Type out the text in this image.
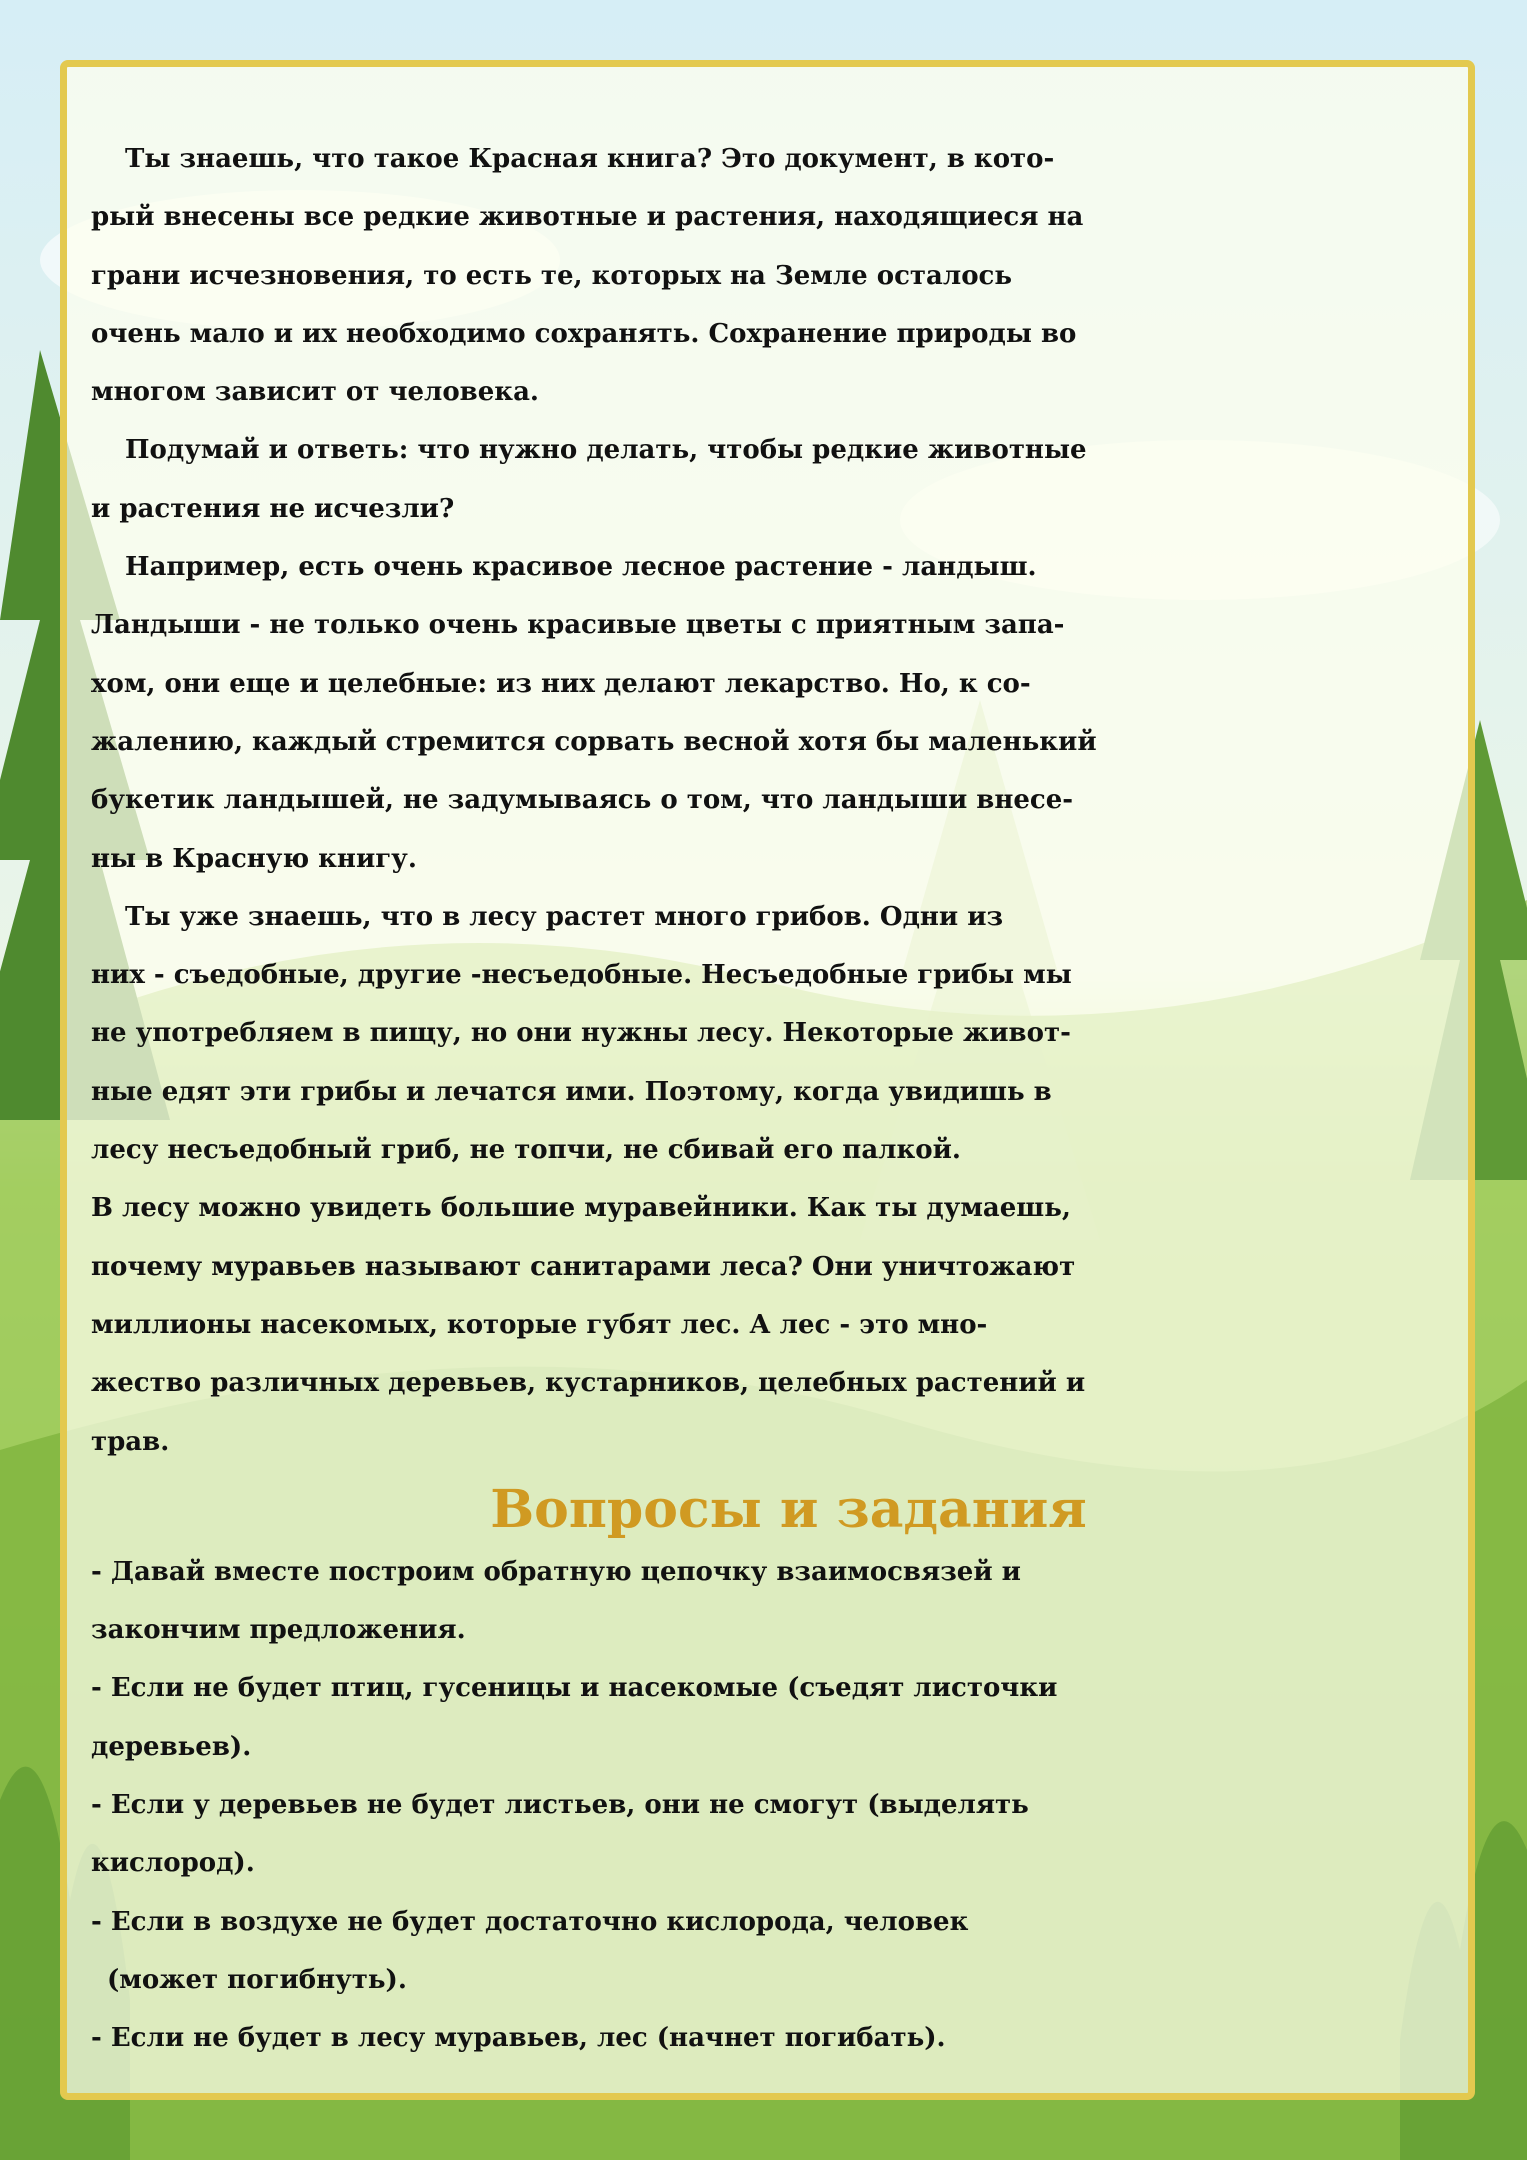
Ты знаешь, что такое Красная книга? Это документ, в кото-
рый внесены все редкие животные и растения, находящиеся на
грани исчезновения, то есть те, которых на Земле осталось
очень мало и их необходимо сохранять. Сохранение природы во
многом зависит от человека.
Подумай и ответь: что нужно делать, чтобы редкие животные
и растения не исчезли?
Например, есть очень красивое лесное растение - ландыш.
Ландыши - не только очень красивые цветы с приятным запа-
хом, они еще и целебные: из них делают лекарство. Но, к со-
жалению, каждый стремится сорвать весной хотя бы маленький
букетик ландышей, не задумываясь о том, что ландыши внесе-
ны в Красную книгу.
Ты уже знаешь, что в лесу растет много грибов. Одни из
них - съедобные, другие -несъедобные. Несъедобные грибы мы
не употребляем в пищу, но они нужны лесу. Некоторые живот-
ные едят эти грибы и лечатся ими. Поэтому, когда увидишь в
лесу несъедобный гриб, не топчи, не сбивай его палкой.
В лесу можно увидеть большие муравейники. Как ты думаешь,
почему муравьев называют санитарами леса? Они уничтожают
миллионы насекомых, которые губят лес. А лес - это мно-
жество различных деревьев, кустарников, целебных растений и
трав.
Вопросы и задания
- Давай вместе построим обратную цепочку взаимосвязей и
закончим предложения.
- Если не будет птиц, гусеницы и насекомые (съедят листочки
деревьев).
- Если у деревьев не будет листьев, они не смогут (выделять
кислород).
- Если в воздухе не будет достаточно кислорода, человек
(может погибнуть).
- Если не будет в лесу муравьев, лес (начнет погибать).
